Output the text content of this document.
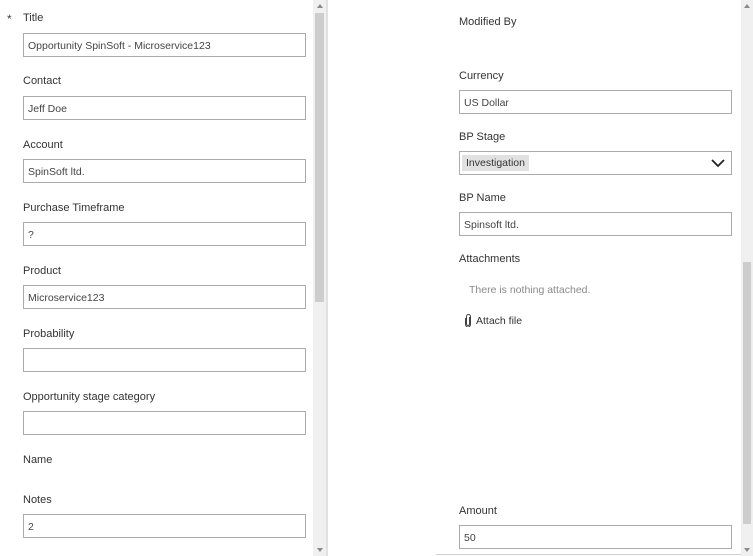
* Title
Opportunity SpinSoft - Microservice123
Contact
Jeff Doe
Account
SpinSoft ltd.
Purchase Timeframe
?
Product
Microservice123
Probability
Opportunity stage category
Name
Notes
2
Modified By
Currency
US Dollar
BP Stage
Investigation
BP Name
Spinsoft ltd.
Attachments
There is nothing attached.
Attach file
Amount
50
